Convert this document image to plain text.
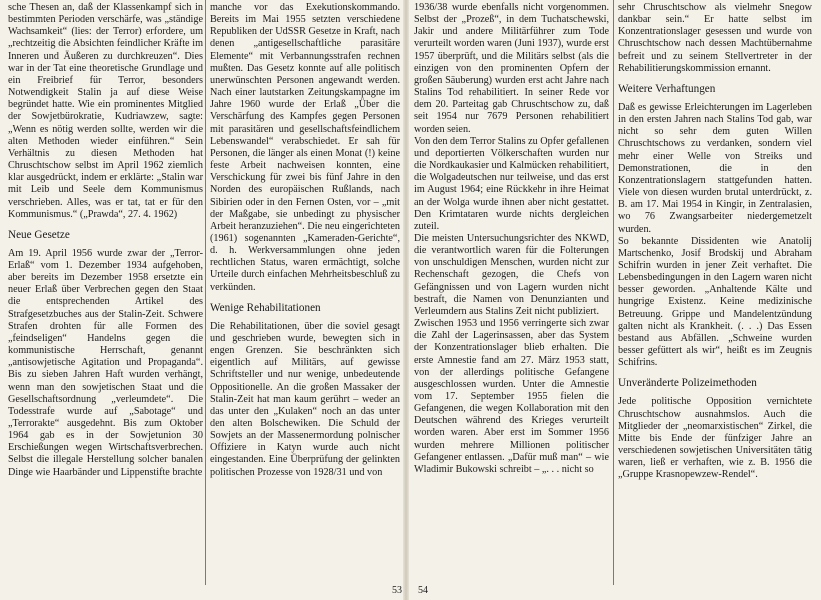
sche Thesen an, daß der Klassenkampf sich in bestimmten Perioden verschärfe, was „ständige Wachsamkeit“ (lies: der Terror) erfordere, um „rechtzeitig die Absichten feindlicher Kräfte im Inneren und Äußeren zu durchkreuzen“. Dies war in der Tat eine theoretische Grundlage und ein Freibrief für Terror, besonders Notwendigkeit Stalin ja auf diese Weise begründet hatte. Wie ein prominentes Mitglied der Sowjetbürokratie, Kudriawzew, sagte: „Wenn es nötig werden sollte, werden wir die alten Methoden wieder einführen.“ Sein Verhältnis zu diesen Methoden hat Chruschtschow selbst im April 1962 ziemlich klar ausgedrückt, indem er erklärte: „Stalin war mit Leib und Seele dem Kommunismus verschrieben. Alles, was er tat, tat er für den Kommunismus.“ („Prawda“, 27. 4. 1962)

Neue Gesetze

Am 19. April 1956 wurde zwar der „Terror-Erlaß“ vom 1. Dezember 1934 aufgehoben, aber bereits im Dezember 1958 ersetzte ein neuer Erlaß über Verbrechen gegen den Staat die entsprechenden Artikel des Strafgesetzbuches aus der Stalin-Zeit. Schwere Strafen drohten für alle Formen des „feindseligen“ Handelns gegen die kommunistische Herrschaft, genannt „antisowjetische Agitation und Propaganda“. Bis zu sieben Jahren Haft wurden verhängt, wenn man den sowjetischen Staat und die Gesellschaftsordnung „verleumdete“. Die Todesstrafe wurde auf „Sabotage“ und „Terrorakte“ ausgedehnt. Bis zum Oktober 1964 gab es in der Sowjetunion 30 Erschießungen wegen Wirtschaftsverbrechen. Selbst die illegale Herstellung solcher banalen Dinge wie Haarbänder und Lippenstifte brachte

manche vor das Exekutionskommando. Bereits im Mai 1955 setzten verschiedene Republiken der UdSSR Gesetze in Kraft, nach denen „antigesellschaftliche parasitäre Elemente“ mit Verbannungsstrafen rechnen mußten. Das Gesetz konnte auf alle politisch unerwünschten Personen angewandt werden. Nach einer lautstarken Zeitungskampagne im Jahre 1960 wurde der Erlaß „Über die Verschärfung des Kampfes gegen Personen mit parasitären und gesellschaftsfeindlichem Lebenswandel“ verabschiedet. Er sah für Personen, die länger als einen Monat (!) keine feste Arbeit nachweisen konnten, eine Verschickung für zwei bis fünf Jahre in den Norden des europäischen Rußlands, nach Sibirien oder in den Fernen Osten, vor – „mit der Maßgabe, sie unbedingt zu physischer Arbeit heranzuziehen“. Die neu eingerichteten (1961) sogenannten „Kameraden-Gerichte“, d. h. Werkversammlungen ohne jeden rechtlichen Status, waren ermächtigt, solche Urteile durch einfachen Mehrheitsbeschluß zu verkünden.

Wenige Rehabilitationen

Die Rehabilitationen, über die soviel gesagt und geschrieben wurde, bewegten sich in engen Grenzen. Sie beschränkten sich eigentlich auf Militärs, auf gewisse Schriftsteller und nur wenige, unbedeutende Oppositionelle. An die großen Massaker der Stalin-Zeit hat man kaum gerührt – weder an das unter den „Kulaken“ noch an das unter den alten Bolschewiken. Die Schuld der Sowjets an der Massenermordung polnischer Offiziere in Katyn wurde auch nicht eingestanden. Eine Überprüfung der gelinkten politischen Prozesse von 1928/31 und von

53

1936/38 wurde ebenfalls nicht vorgenommen. Selbst der „Prozeß“, in dem Tuchatschewski, Jakir und andere Militärführer zum Tode verurteilt worden waren (Juni 1937), wurde erst 1957 überprüft, und die Militärs selbst (als die einzigen von den prominenten Opfern der großen Säuberung) wurden erst acht Jahre nach Stalins Tod rehabilitiert. In seiner Rede vor dem 20. Parteitag gab Chruschtschow zu, daß seit 1954 nur 7679 Personen rehabilitiert worden seien.

Von den dem Terror Stalins zu Opfer gefallenen und deportierten Völkerschaften wurden nur die Nordkaukasier und Kalmücken rehabilitiert, die Wolgadeutschen nur teilweise, und das erst im August 1964; eine Rückkehr in ihre Heimat an der Wolga wurde ihnen aber nicht gestattet. Den Krimtataren wurde nichts dergleichen zuteil.

Die meisten Untersuchungsrichter des NKWD, die verantwortlich waren für die Folterungen von unschuldigen Menschen, wurden nicht zur Rechenschaft gezogen, die Chefs von Gefängnissen und von Lagern wurden nicht bestraft, die Namen von Denunzianten und Verleumdern aus Stalins Zeit nicht publiziert.

Zwischen 1953 und 1956 verringerte sich zwar die Zahl der Lagerinsassen, aber das System der Konzentrationslager blieb erhalten. Die erste Amnestie fand am 27. März 1953 statt, von der allerdings politische Gefangene ausgeschlossen wurden. Unter die Amnestie vom 17. September 1955 fielen die Gefangenen, die wegen Kollaboration mit den Deutschen während des Krieges verurteilt worden waren. Aber erst im Sommer 1956 wurden mehrere Millionen politischer Gefangener entlassen. „Dafür muß man“ – wie Wladimir Bukowski schreibt – „. . . nicht so

sehr Chruschtschow als vielmehr Snegow dankbar sein.“ Er hatte selbst im Konzentrationslager gesessen und wurde von Chruschtschow nach dessen Machtübernahme befreit und zu seinem Stellvertreter in der Rehabilitierungskommission ernannt.

Weitere Verhaftungen

Daß es gewisse Erleichterungen im Lagerleben in den ersten Jahren nach Stalins Tod gab, war nicht so sehr dem guten Willen Chruschtschows zu verdanken, sondern viel mehr einer Welle von Streiks und Demonstrationen, die in den Konzentrationslagern stattgefunden hatten. Viele von diesen wurden brutal unterdrückt, z. B. am 17. Mai 1954 in Kingir, in Zentralasien, wo 76 Zwangsarbeiter niedergemetzelt wurden.

So bekannte Dissidenten wie Anatolij Martschenko, Josif Brodskij und Abraham Schifrin wurden in jener Zeit verhaftet. Die Lebensbedingungen in den Lagern waren nicht besser geworden. „Anhaltende Kälte und hungrige Existenz. Keine medizinische Betreuung. Grippe und Mandelentzündung galten nicht als Krankheit. (. . .) Das Essen bestand aus Abfällen. „Schweine wurden besser gefüttert als wir“, heißt es im Zeugnis Schifrins.

Unveränderte Polizeimethoden

Jede politische Opposition vernichtete Chruschtschow ausnahmslos. Auch die Mitglieder der „neomarxistischen“ Zirkel, die Mitte bis Ende der fünfziger Jahre an verschiedenen sowjetischen Universitäten tätig waren, ließ er verhaften, wie z. B. 1956 die „Gruppe Krasnopewzew-Rendel“.

54
